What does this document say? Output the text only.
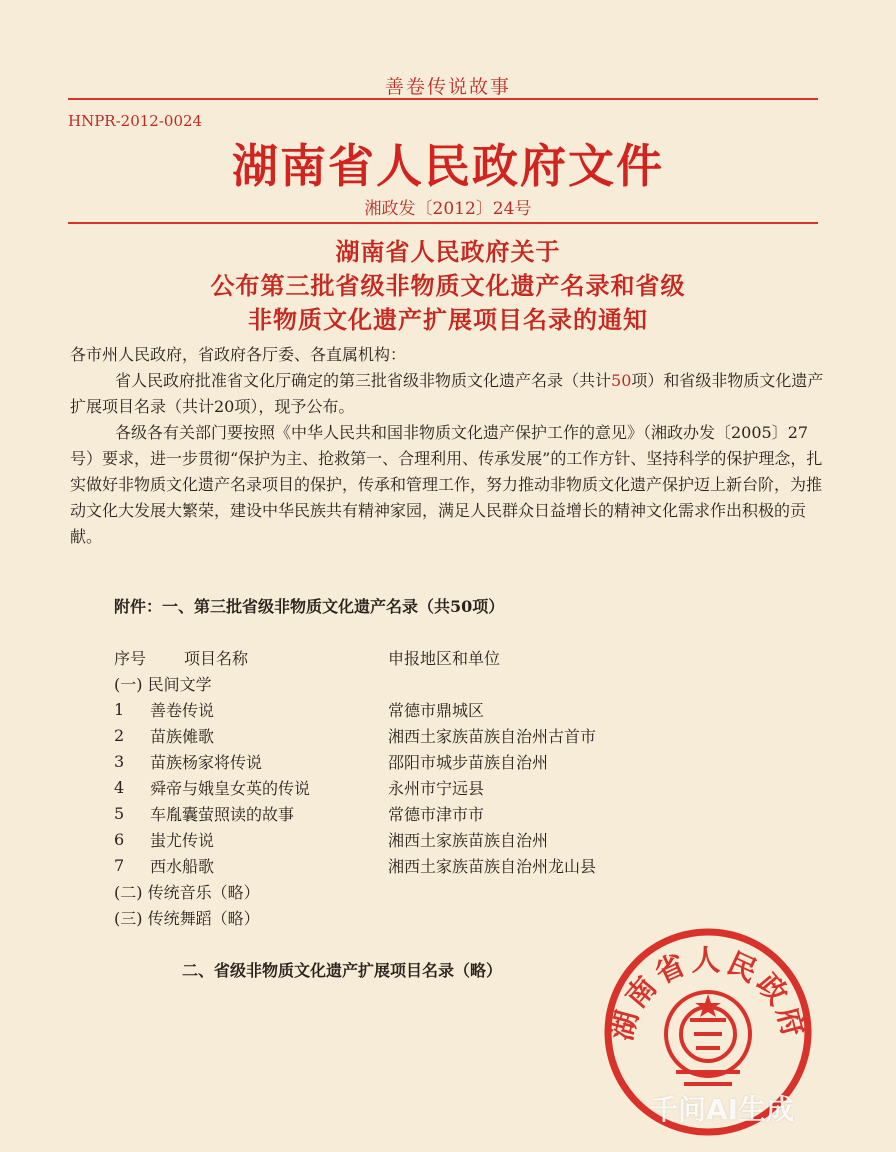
善卷传说故事
HNPR-2012-0024
湖南省人民政府文件
湘政发〔2012〕24号
湖南省人民政府关于
公布第三批省级非物质文化遗产名录和省级
非物质文化遗产扩展项目名录的通知

各市州人民政府，省政府各厅委、各直属机构：

省人民政府批准省文化厅确定的第三批省级非物质文化遗产名录（共计50项）和省级非物质文化遗产扩展项目名录（共计20项），现予公布。

各级各有关部门要按照《中华人民共和国非物质文化遗产保护工作的意见》（湘政办发〔2005〕27号）要求，进一步贯彻“保护为主、抢救第一、合理利用、传承发展”的工作方针、坚持科学的保护理念，扎实做好非物质文化遗产名录项目的保护，传承和管理工作，努力推动非物质文化遗产保护迈上新台阶，为推动文化大发展大繁荣，建设中华民族共有精神家园，满足人民群众日益增长的精神文化需求作出积极的贡献。

附件：一、第三批省级非物质文化遗产名录（共50项）
序号	项目名称	申报地区和单位
(一) 民间文学
1	善卷传说	常德市鼎城区
2	苗族傩歌	湘西土家族苗族自治州古首市
3	苗族杨家将传说	邵阳市城步苗族自治州
4	舜帝与娥皇女英的传说	永州市宁远县
5	车胤囊萤照读的故事	常德市津市市
6	蚩尤传说	湘西土家族苗族自治州
7	西水船歌	湘西土家族苗族自治州龙山县
(二) 传统音乐（略）
(三) 传统舞蹈（略）
二、省级非物质文化遗产扩展项目名录（略）
湖南省人民政府
千问AI生成
